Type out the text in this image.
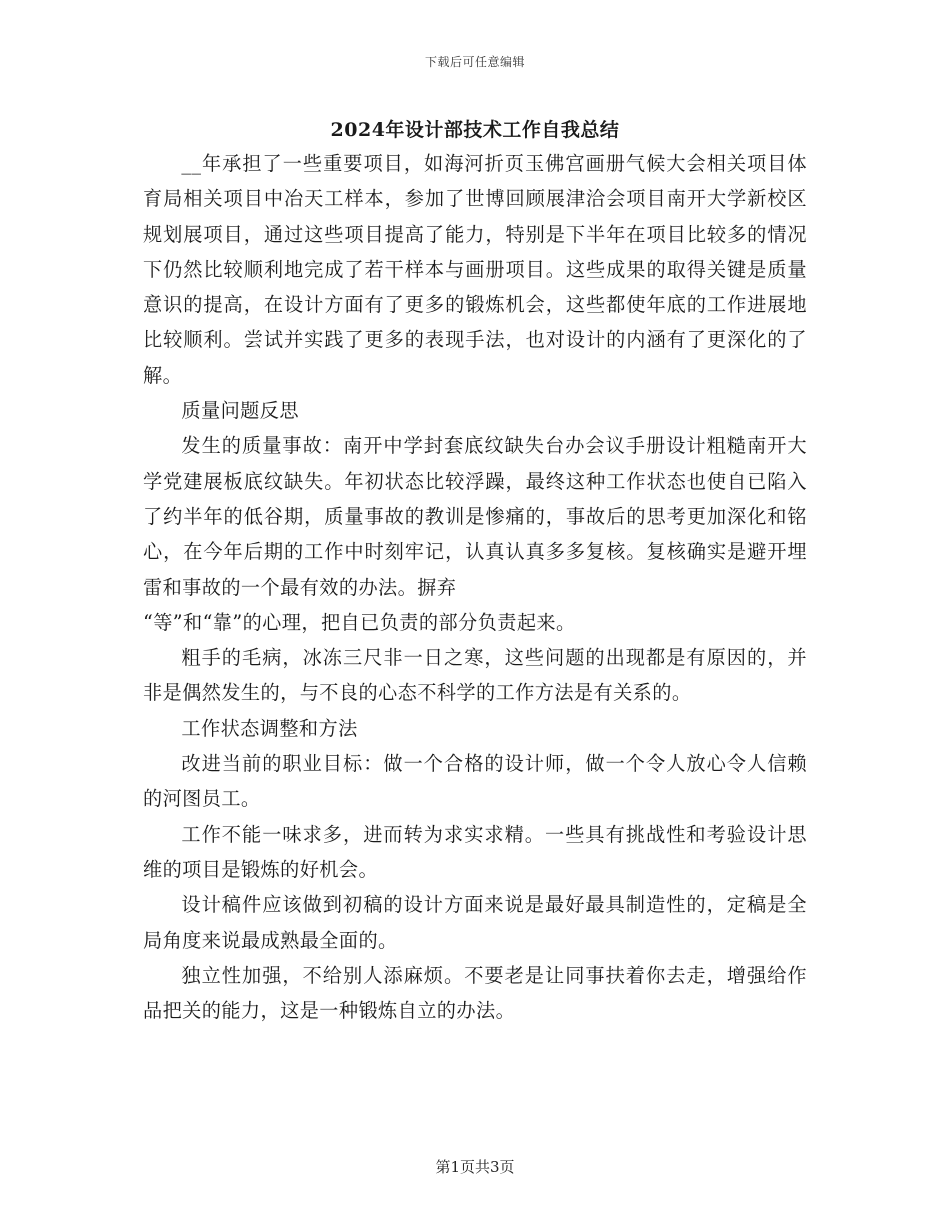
下载后可任意编辑
2024年设计部技术工作自我总结

__年承担了一些重要项目，如海河折页玉佛宫画册气候大会相关项目体育局相关项目中冶天工样本，参加了世博回顾展津洽会项目南开大学新校区规划展项目，通过这些项目提高了能力，特别是下半年在项目比较多的情况下仍然比较顺利地完成了若干样本与画册项目。这些成果的取得关键是质量意识的提高，在设计方面有了更多的锻炼机会，这些都使年底的工作进展地比较顺利。尝试并实践了更多的表现手法，也对设计的内涵有了更深化的了解。

质量问题反思

发生的质量事故：南开中学封套底纹缺失台办会议手册设计粗糙南开大学党建展板底纹缺失。年初状态比较浮躁，最终这种工作状态也使自已陷入了约半年的低谷期，质量事故的教训是惨痛的，事故后的思考更加深化和铭心，在今年后期的工作中时刻牢记，认真认真多多复核。复核确实是避开埋雷和事故的一个最有效的办法。摒弃

“等”和“靠”的心理，把自已负责的部分负责起来。

粗手的毛病，冰冻三尺非一日之寒，这些问题的出现都是有原因的，并非是偶然发生的，与不良的心态不科学的工作方法是有关系的。

工作状态调整和方法

改进当前的职业目标：做一个合格的设计师，做一个令人放心令人信赖的河图员工。

工作不能一味求多，进而转为求实求精。一些具有挑战性和考验设计思维的项目是锻炼的好机会。

设计稿件应该做到初稿的设计方面来说是最好最具制造性的，定稿是全局角度来说最成熟最全面的。

独立性加强，不给别人添麻烦。不要老是让同事扶着你去走，增强给作品把关的能力，这是一种锻炼自立的办法。

第1页共3页
